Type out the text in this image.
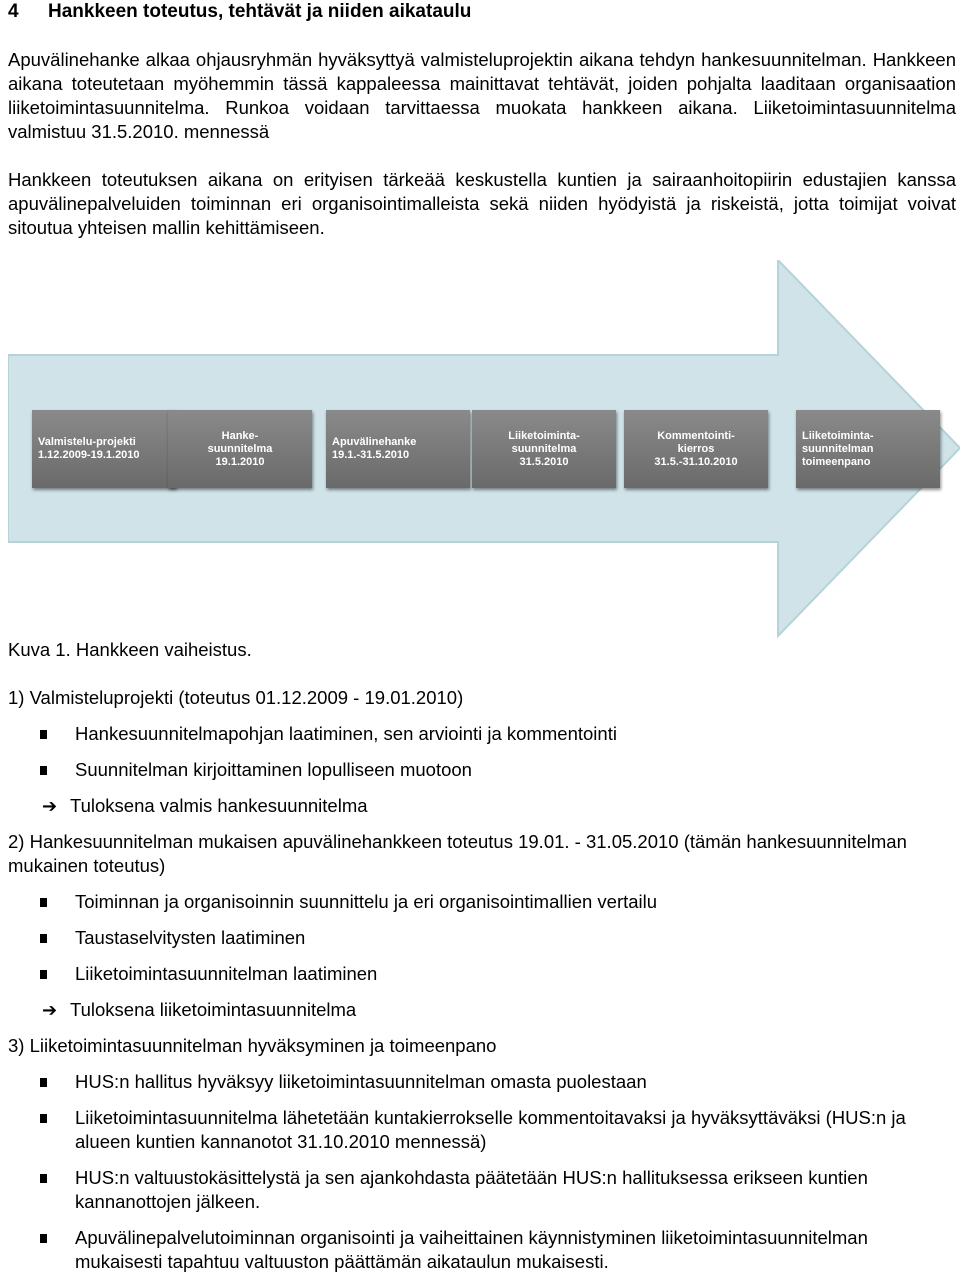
4 Hankkeen toteutus, tehtävät ja niiden aikataulu

Apuvälinehanke alkaa ohjausryhmän hyväksyttyä valmisteluprojektin aikana tehdyn hankesuunnitelman. Hankkeen aikana toteutetaan myöhemmin tässä kappaleessa mainittavat tehtävät, joiden pohjalta laaditaan organisaation liiketoimintasuunnitelma. Runkoa voidaan tarvittaessa muokata hankkeen aikana. Liiketoimintasuunnitelma valmistuu 31.5.2010. mennessä

Hankkeen toteutuksen aikana on erityisen tärkeää keskustella kuntien ja sairaanhoitopiirin edustajien kanssa apuvälinepalveluiden toiminnan eri organisointimalleista sekä niiden hyödyistä ja riskeistä, jotta toimijat voivat sitoutua yhteisen mallin kehittämiseen.

Valmistelu-projekti
1.12.2009-19.1.2010
Hanke-
suunnitelma
19.1.2010
Apuvälinehanke
19.1.-31.5.2010
Liiketoiminta-
suunnitelma
31.5.2010
Kommentointi-
kierros
31.5.-31.10.2010
Liiketoiminta-
suunnitelman
toimeenpano

Kuva 1. Hankkeen vaiheistus.

1) Valmisteluprojekti (toteutus 01.12.2009 - 19.01.2010)

Hankesuunnitelmapohjan laatiminen, sen arviointi ja kommentointi
Suunnitelman kirjoittaminen lopulliseen muotoon
➔ Tuloksena valmis hankesuunnitelma

2) Hankesuunnitelman mukaisen apuvälinehankkeen toteutus 19.01. - 31.05.2010 (tämän hankesuunnitelman mukainen toteutus)

Toiminnan ja organisoinnin suunnittelu ja eri organisointimallien vertailu
Taustaselvitysten laatiminen
Liiketoimintasuunnitelman laatiminen
➔ Tuloksena liiketoimintasuunnitelma

3) Liiketoimintasuunnitelman hyväksyminen ja toimeenpano

HUS:n hallitus hyväksyy liiketoimintasuunnitelman omasta puolestaan
Liiketoimintasuunnitelma lähetetään kuntakierrokselle kommentoitavaksi ja hyväksyttäväksi (HUS:n ja alueen kuntien kannanotot 31.10.2010 mennessä)
HUS:n valtuustokäsittelystä ja sen ajankohdasta päätetään HUS:n hallituksessa erikseen kuntien kannanottojen jälkeen.
Apuvälinepalvelutoiminnan organisointi ja vaiheittainen käynnistyminen liiketoimintasuunnitelman mukaisesti tapahtuu valtuuston päättämän aikataulun mukaisesti.
